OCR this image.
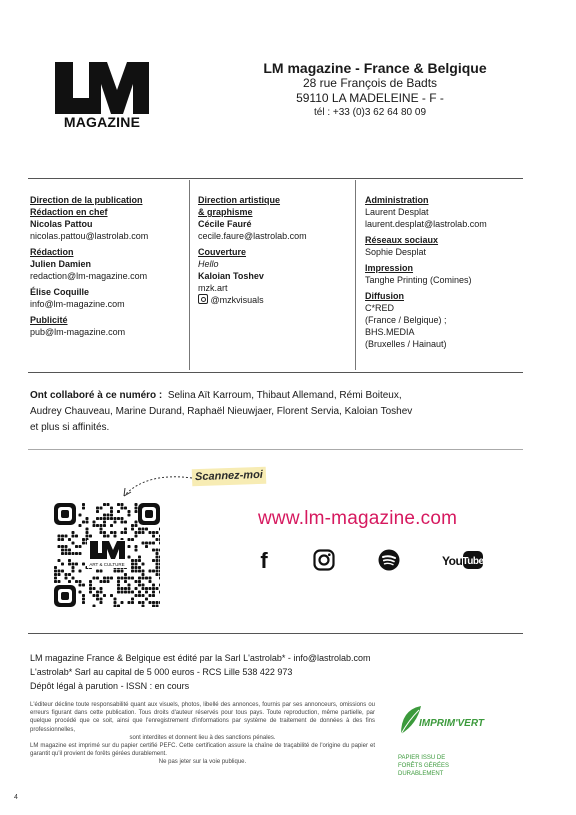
MAGAZINE
LM magazine - France & Belgique
28 rue François de Badts
59110 LA MADELEINE - F -
tél : +33 (0)3 62 64 80 09
Direction de la publication
Rédaction en chef
Nicolas Pattou
nicolas.pattou@lastrolab.com
Rédaction
Julien Damien
redaction@lm-magazine.com
Élise Coquille
info@lm-magazine.com
Publicité
pub@lm-magazine.com
Direction artistique
& graphisme
Cécile Fauré
cecile.faure@lastrolab.com
Couverture
Hello
Kaloian Toshev
mzk.art
@mzkvisuals
Administration
Laurent Desplat
laurent.desplat@lastrolab.com
Réseaux sociaux
Sophie Desplat
Impression
Tanghe Printing (Comines)
Diffusion
C*RED
(France / Belgique) ;
BHS.MEDIA
(Bruxelles / Hainaut)
Ont collaboré à ce numéro : Selina Aït Karroum, Thibaut Allemand, Rémi Boiteux,
Audrey Chauveau, Marine Durand, Raphaël Nieuwjaer, Florent Servia, Kaloian Toshev
et plus si affinités.
Scannez-moi
ART & CULTURE
www.lm-magazine.com
f	You Tube
LM magazine France & Belgique est édité par la Sarl L'astrolab* - info@lastrolab.com
L'astrolab* Sarl au capital de 5 000 euros - RCS Lille 538 422 973
Dépôt légal à parution - ISSN : en cours
L'éditeur décline toute responsabilité quant aux visuels, photos, libellé des annonces, fournis par ses annonceurs, omissions ou erreurs figurant dans cette publication. Tous droits d'auteur réservés pour tous pays. Toute reproduction, même partielle, par quelque procédé que ce soit, ainsi que l'enregistrement d'informations par système de traitement de données à des fins professionnelles,
sont interdites et donnent lieu à des sanctions pénales.
LM magazine est imprimé sur du papier certifié PEFC. Cette certification assure la chaîne de traçabilité de l'origine du papier et garantit qu'il provient de forêts gérées durablement.
Ne pas jeter sur la voie publique.
IMPRIM'VERT
PAPIER ISSU DE
FORÊTS GÉRÉES
DURABLEMENT
4
